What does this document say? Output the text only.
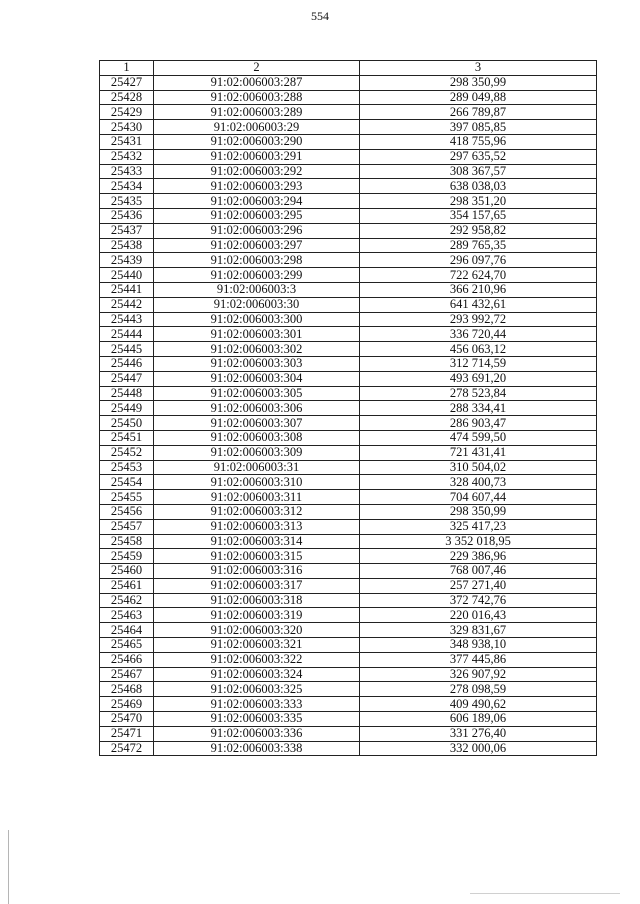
554
1	2	3
25427	91:02:006003:287	298 350,99
25428	91:02:006003:288	289 049,88
25429	91:02:006003:289	266 789,87
25430	91:02:006003:29	397 085,85
25431	91:02:006003:290	418 755,96
25432	91:02:006003:291	297 635,52
25433	91:02:006003:292	308 367,57
25434	91:02:006003:293	638 038,03
25435	91:02:006003:294	298 351,20
25436	91:02:006003:295	354 157,65
25437	91:02:006003:296	292 958,82
25438	91:02:006003:297	289 765,35
25439	91:02:006003:298	296 097,76
25440	91:02:006003:299	722 624,70
25441	91:02:006003:3	366 210,96
25442	91:02:006003:30	641 432,61
25443	91:02:006003:300	293 992,72
25444	91:02:006003:301	336 720,44
25445	91:02:006003:302	456 063,12
25446	91:02:006003:303	312 714,59
25447	91:02:006003:304	493 691,20
25448	91:02:006003:305	278 523,84
25449	91:02:006003:306	288 334,41
25450	91:02:006003:307	286 903,47
25451	91:02:006003:308	474 599,50
25452	91:02:006003:309	721 431,41
25453	91:02:006003:31	310 504,02
25454	91:02:006003:310	328 400,73
25455	91:02:006003:311	704 607,44
25456	91:02:006003:312	298 350,99
25457	91:02:006003:313	325 417,23
25458	91:02:006003:314	3 352 018,95
25459	91:02:006003:315	229 386,96
25460	91:02:006003:316	768 007,46
25461	91:02:006003:317	257 271,40
25462	91:02:006003:318	372 742,76
25463	91:02:006003:319	220 016,43
25464	91:02:006003:320	329 831,67
25465	91:02:006003:321	348 938,10
25466	91:02:006003:322	377 445,86
25467	91:02:006003:324	326 907,92
25468	91:02:006003:325	278 098,59
25469	91:02:006003:333	409 490,62
25470	91:02:006003:335	606 189,06
25471	91:02:006003:336	331 276,40
25472	91:02:006003:338	332 000,06
